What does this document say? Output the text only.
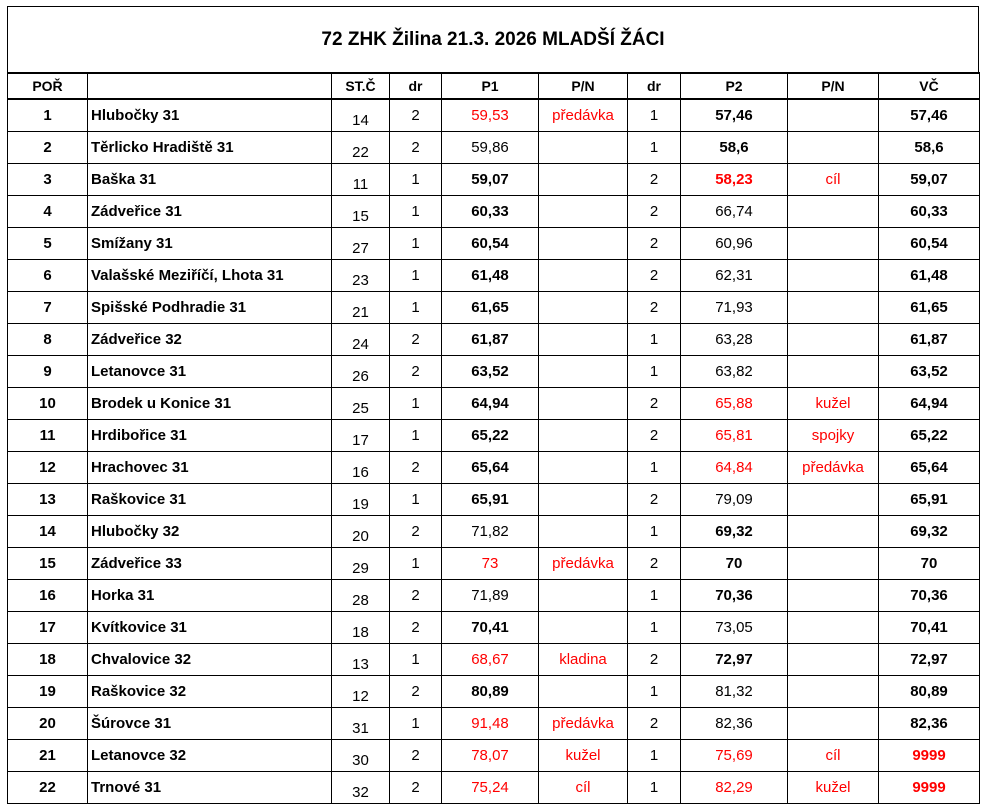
72 ZHK Žilina 21.3. 2026 MLADŠÍ ŽÁCI
POŘ		ST.Č	dr	P1	P/N	dr	P2	P/N	VČ
1	Hlubočky 31	14	2	59,53	předávka	1	57,46		57,46
2	Těrlicko Hradiště 31	22	2	59,86		1	58,6		58,6
3	Baška 31	11	1	59,07		2	58,23	cíl	59,07
4	Zádveřice 31	15	1	60,33		2	66,74		60,33
5	Smížany 31	27	1	60,54		2	60,96		60,54
6	Valašské Meziříčí, Lhota 31	23	1	61,48		2	62,31		61,48
7	Spišské Podhradie 31	21	1	61,65		2	71,93		61,65
8	Zádveřice 32	24	2	61,87		1	63,28		61,87
9	Letanovce 31	26	2	63,52		1	63,82		63,52
10	Brodek u Konice 31	25	1	64,94		2	65,88	kužel	64,94
11	Hrdibořice 31	17	1	65,22		2	65,81	spojky	65,22
12	Hrachovec 31	16	2	65,64		1	64,84	předávka	65,64
13	Raškovice 31	19	1	65,91		2	79,09		65,91
14	Hlubočky 32	20	2	71,82		1	69,32		69,32
15	Zádveřice 33	29	1	73	předávka	2	70		70
16	Horka 31	28	2	71,89		1	70,36		70,36
17	Kvítkovice 31	18	2	70,41		1	73,05		70,41
18	Chvalovice 32	13	1	68,67	kladina	2	72,97		72,97
19	Raškovice 32	12	2	80,89		1	81,32		80,89
20	Šúrovce 31	31	1	91,48	předávka	2	82,36		82,36
21	Letanovce 32	30	2	78,07	kužel	1	75,69	cíl	9999
22	Trnové 31	32	2	75,24	cíl	1	82,29	kužel	9999
